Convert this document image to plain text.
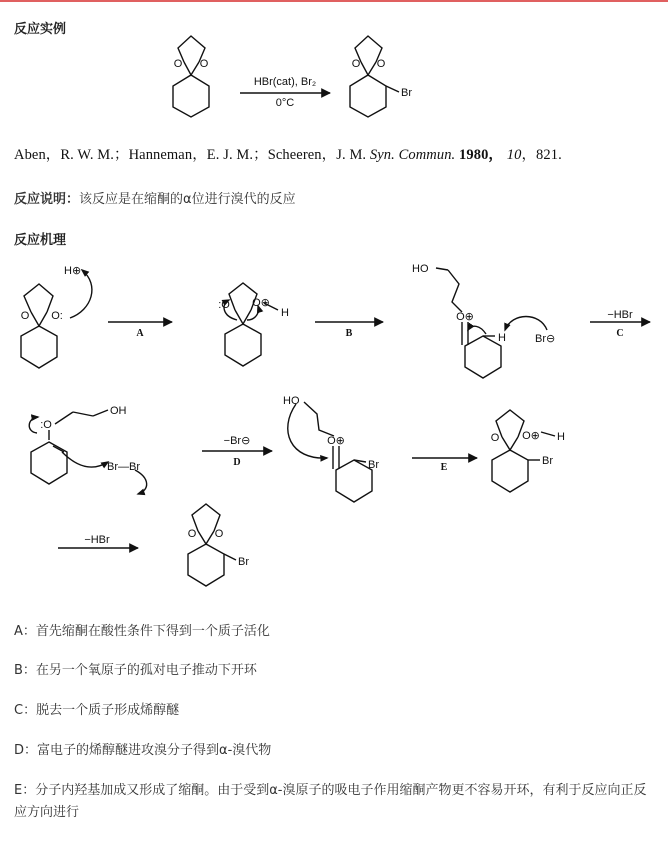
反应实例
O O	O O
Br
O O:
H⊕
:O O⊕
H
HO
O⊕
H	Br⊖
:O
OH
Br—Br
HO
O⊕
Br
O O⊕ H
Br
O O
Br
HBr(cat), Br₂
0°C
A	B
−HBr
C
−Br⊖
D	E
−HBr
Aben，R. W. M.；Hanneman，E. J. M.；Scheeren，J. M. Syn. Commun. 1980， 10，821.
反应说明：该反应是在缩酮的α位进行溴代的反应
反应机理
A：首先缩酮在酸性条件下得到一个质子活化
B：在另一个氧原子的孤对电子推动下开环
C：脱去一个质子形成烯醇醚
D：富电子的烯醇醚进攻溴分子得到α-溴代物
E：分子内羟基加成又形成了缩酮。由于受到α-溴原子的吸电子作用缩酮产物更不容易开环，有利于反应向正反应方向进行
